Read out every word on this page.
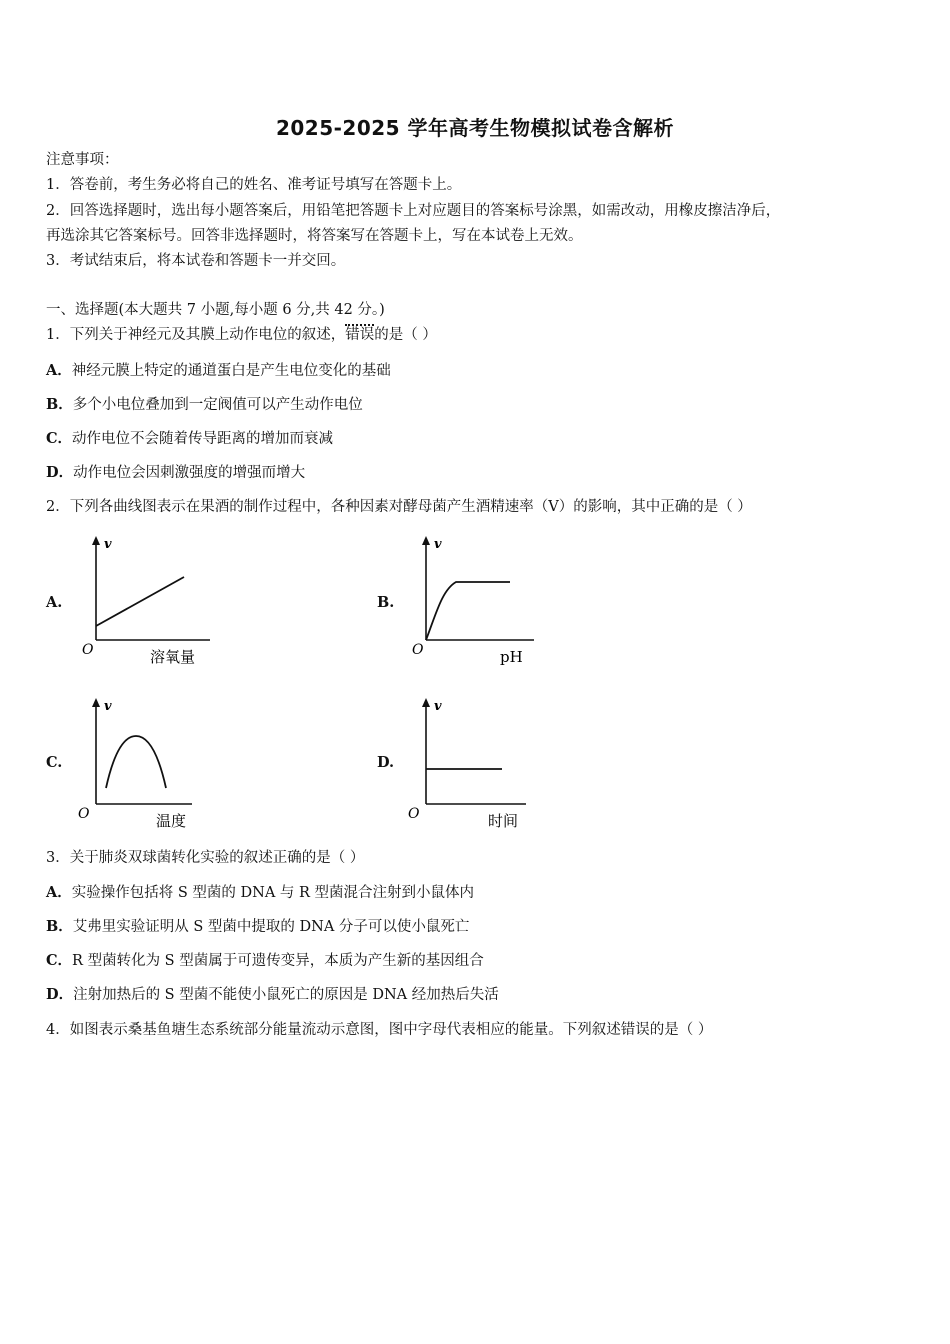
2025-2025 学年高考生物模拟试卷含解析
注意事项：
1．答卷前，考生务必将自己的姓名、准考证号填写在答题卡上。
2．回答选择题时，选出每小题答案后，用铅笔把答题卡上对应题目的答案标号涂黑，如需改动，用橡皮擦洁净后，
再选涂其它答案标号。回答非选择题时，将答案写在答题卡上，写在本试卷上无效。
3．考试结束后，将本试卷和答题卡一并交回。
一、选择题(本大题共 7 小题,每小题 6 分,共 42 分。)
1．下列关于神经元及其膜上动作电位的叙述，错误的是（ ）
A．神经元膜上特定的通道蛋白是产生电位变化的基础
B．多个小电位叠加到一定阀值可以产生动作电位
C．动作电位不会随着传导距离的增加而衰减
D．动作电位会因刺激强度的增强而增大
2．下列各曲线图表示在果酒的制作过程中，各种因素对酵母菌产生酒精速率（V）的影响，其中正确的是（ ）
A.
v
O	溶氧量
B.
v
O	pH
C.
v
O	温度
D.
v
O	时间
3．关于肺炎双球菌转化实验的叙述正确的是（ ）
A．实验操作包括将 S 型菌的 DNA 与 R 型菌混合注射到小鼠体内
B．艾弗里实验证明从 S 型菌中提取的 DNA 分子可以使小鼠死亡
C．R 型菌转化为 S 型菌属于可遗传变异，本质为产生新的基因组合
D．注射加热后的 S 型菌不能使小鼠死亡的原因是 DNA 经加热后失活
4．如图表示桑基鱼塘生态系统部分能量流动示意图，图中字母代表相应的能量。下列叙述错误的是（ ）
